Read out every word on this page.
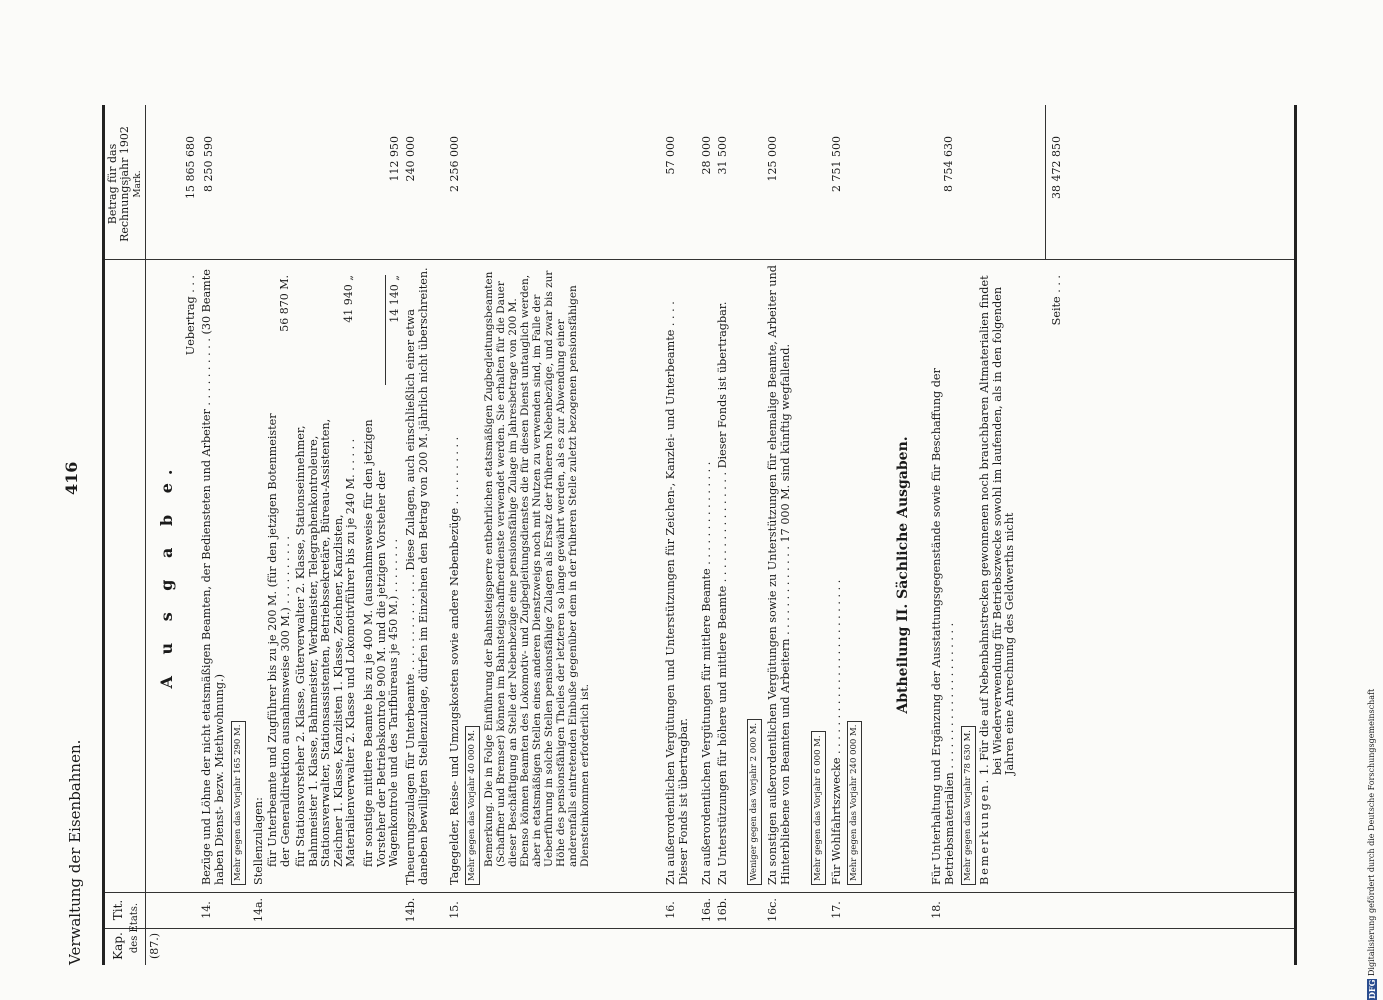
Verwaltung der Eisenbahnen.
416
Kap.
Tit. des Etats.
Betrag für das Rechnungsjahr 1902 Mark.
A u s g a b e.
(87.)
Uebertrag . . .
15 865 680
14.
Bezüge und Löhne der nicht etatsmäßigen Beamten, der Bediensteten und Arbeiter . . . . . . . . . . (30 Beamte haben Dienst- bezw. Miethwohnung.)
8 250 590
Mehr gegen das Vorjahr 165 290 M.
14a.
Stellenzulagen: für Unterbeamte und Zugführer bis zu je 200 M. (für den jetzigen Botenmeister der Generaldirektion ausnahmsweise 300 M.) . . . . . . . . . .
56 870 M.
für Stationsvorsteher 2. Klasse, Güterverwalter 2. Klasse, Stationseinnehmer, Bahnmeister 1. Klasse, Bahnmeister, Werkmeister, Telegraphenkontroleure, Stationsverwalter, Stationsassistenten, Betriebssekretäre, Büreau-Assistenten, Zeichner 1. Klasse, Kanzlisten 1. Klasse, Zeichner, Kanzlisten, Materialienverwalter 2. Klasse und Lokomotivführer bis zu je 240 M. . . . . .
41 940 „
für sonstige mittlere Beamte bis zu je 400 M. (ausnahmsweise für den jetzigen Vorsteher der Betriebskontrole 900 M. und die jetzigen Vorsteher der Wagenkontrole und des Tarifbüreaus je 450 M.) . . . . . . . .
14 140 „
112 950
14b.
Theuerungszulagen für Unterbeamte . . . . . . . . . . . . . . Diese Zulagen, auch einschließlich einer etwa daneben bewilligten Stellenzulage, dürfen im Einzelnen den Betrag von 200 M. jährlich nicht überschreiten.
240 000
15.
Tagegelder, Reise- und Umzugskosten sowie andere Nebenbezüge . . . . . . . . . .
2 256 000
Mehr gegen das Vorjahr 40 000 M. Bemerkung. Die in Folge Einführung der Bahnsteigsperre entbehrlichen etatsmäßigen Zugbegleitungsbeamten (Schaffner und Bremser) können im Bahnsteigschaffnerdienste verwendet werden. Sie erhalten für die Dauer dieser Beschäftigung an Stelle der Nebenbezüge eine pensionsfähige Zulage im Jahresbetrage von 200 M. Ebenso können Beamten des Lokomotiv- und Zugbegleitungsdienstes die für diesen Dienst untauglich werden, aber in etatsmäßigen Stellen eines anderen Dienstzweigs noch mit Nutzen zu verwenden sind, im Falle der Ueberführung in solche Stellen pensionsfähige Zulagen als Ersatz der früheren Nebenbezüge, und zwar bis zur Höhe des pensionsfähigen Theiles der letzteren so lange gewährt werden, als es zur Abwendung einer anderenfalls eintretenden Einbuße gegenüber dem in der früheren Stelle zuletzt bezogenen pensionsfähigen Diensteinkommen erforderlich ist.
16.
Zu außerordentlichen Vergütungen und Unterstützungen für Zeichen-, Kanzlei- und Unterbeamte . . . . Dieser Fonds ist übertragbar.
57 000
16a.
Zu außerordentlichen Vergütungen für mittlere Beamte . . . . . . . . . . . . . . .
28 000
16b.
Zu Unterstützungen für höhere und mittlere Beamte . . . . . . . . . . . . . . . . Dieser Fonds ist übertragbar.
31 500
Weniger gegen das Vorjahr 2 000 M.
16c.
Zu sonstigen außerordentlichen Vergütungen sowie zu Unterstützungen für ehemalige Beamte, Arbeiter und Hinterbliebene von Beamten und Arbeitern . . . . . . . . . . . . . 17 000 M. sind künftig wegfallend.
125 000
Mehr gegen das Vorjahr 6 000 M.
17.
Für Wohlfahrtszwecke . . . . . . . . . . . . . . . . . . . . . . . . .
2 751 500
Mehr gegen das Vorjahr 240 000 M.
Abtheilung II. Sächliche Ausgaben.
18.
Für Unterhaltung und Ergänzung der Ausstattungsgegenstände sowie für Beschaffung der Betriebsmaterialien . . . . . . . . . . . . . . . . . . . . .
8 754 630
Mehr gegen das Vorjahr 78 630 M. Bemerkungen.
1. Für die auf Nebenbahnstrecken gewonnenen noch brauchbaren Altmaterialien findet bei Wiederverwendung für Betriebszwecke sowohl im laufenden, als in den folgenden Jahren eine Anrechnung des Geldwerths nicht
Seite . . .
38 472 850
DFG Digitalisierung gefördert durch die Deutsche Forschungsgemeinschaft
